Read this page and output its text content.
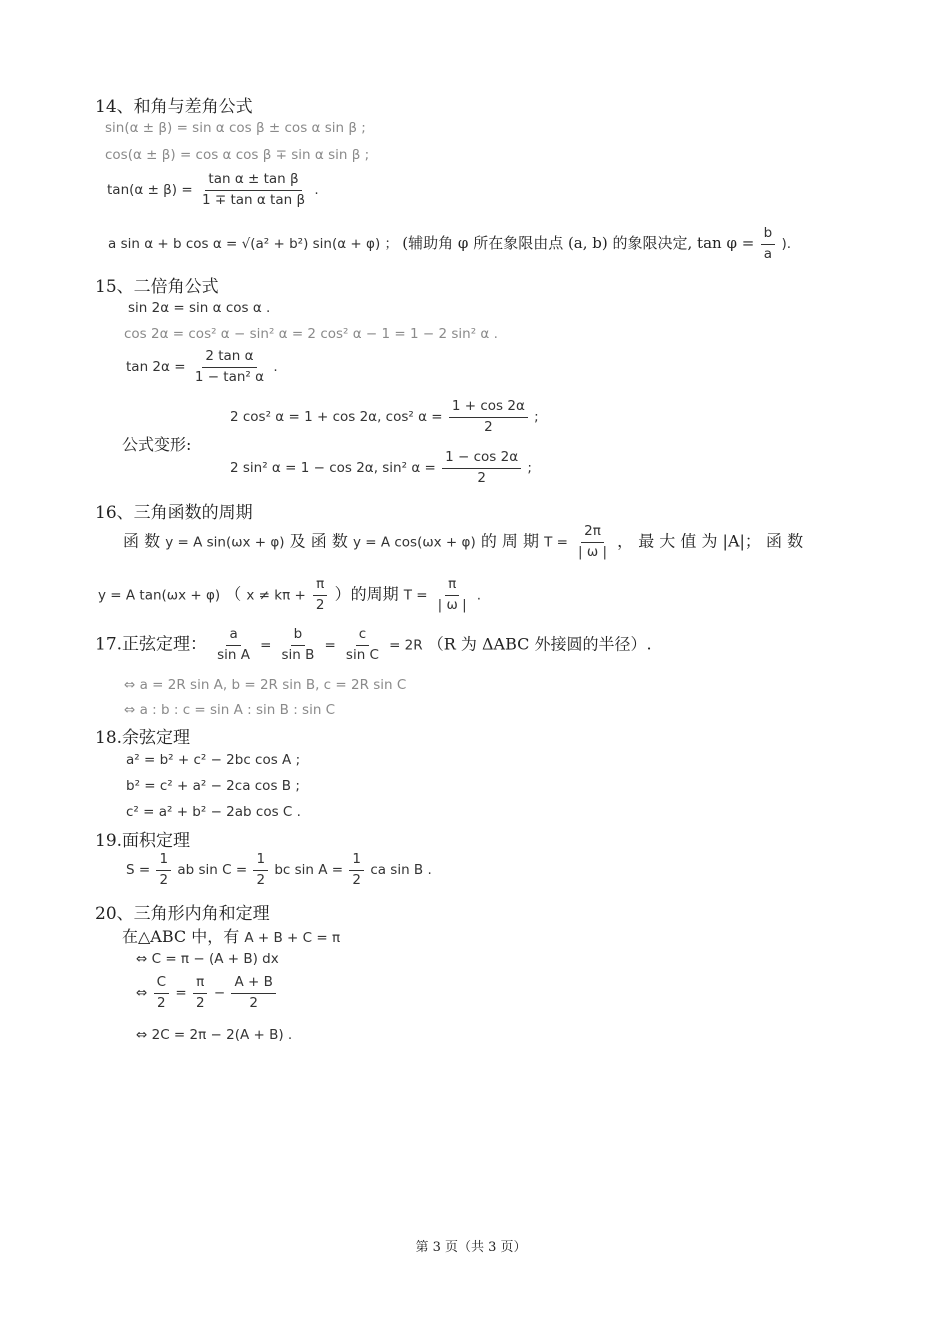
14、和角与差角公式
sin(α ± β) = sin α cos β ± cos α sin β ;
cos(α ± β) = cos α cos β ∓ sin α sin β ;
$\tan(\alpha \pm \beta) = \frac{\text{tan α ± tan β}}{\text{1 ∓ tan α tan β}}$ .
a sin α + b cos α = √(a² + b²) sin(α + φ) ； (辅助角 φ 所在象限由点 (a, b) 的象限决定, $\tan \varphi = \frac{b}{a}$ ).
15、二倍角公式
sin 2α = sin α cos α .
cos 2α = cos² α − sin² α = 2 cos² α − 1 = 1 − 2 sin² α .
$\tan 2\alpha = \frac{\text{2 tan α}}{\text{1 − tan² α}}$ .
公式变形:
2 cos² α = 1 + cos 2α, cos² $\alpha = \frac{1 + \cos 2\alpha}{2}$ ;
2 sin² α = 1 − cos 2α, sin² $\alpha = \frac{1 - \cos 2\alpha}{2}$ ;
16、三角函数的周期
函 数 y = A sin(ωx + φ) 及 函 数 y = A cos(ωx + φ) 的 周 期 $T = \frac{2\pi}{| \omega |}$ ， 最 大 值 为 |A|； 函 数
y = A tan(ωx + φ) （ $x \ne k\pi + \frac{\pi}{2}$ ）的周期 $T = \frac{\pi}{| \omega |}$ .
17.正弦定理： $\frac{a}{\text{sin A}} = \frac{b}{\text{sin B}} = \frac{c}{\text{sin C}} = 2R$ （R 为 ΔABC 外接圆的半径）.
⇔ a = 2R sin A, b = 2R sin B, c = 2R sin C
⇔ a : b : c = sin A : sin B : sin C
18.余弦定理
a² = b² + c² − 2bc cos A ;
b² = c² + a² − 2ca cos B ;
c² = a² + b² − 2ab cos C .
19.面积定理
$S = \frac{1}{2}$ ab $\sin C = \frac{1}{2}$ bc $\sin A = \frac{1}{2}$ ca sin B .
20、三角形内角和定理
在△ABC 中，有 A + B + C = π
⇔ C = π − (A + B) dx
⇔ $\frac{C}{2} = \frac{\pi}{2} - \frac{A + B}{2}$
⇔ 2C = 2π − 2(A + B) .
第 3 页（共 3 页）
